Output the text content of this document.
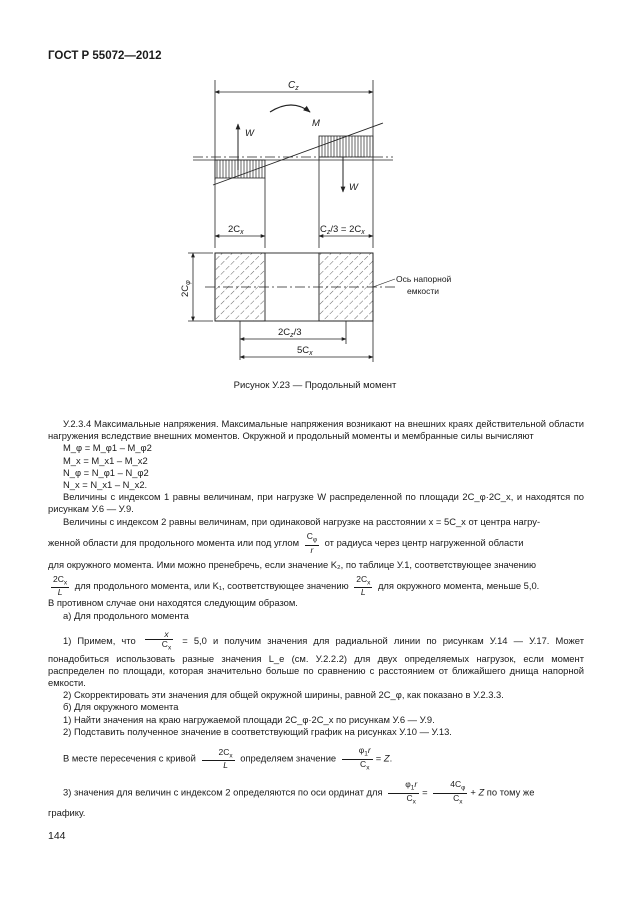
ГОСТ Р 55072—2012
$C_z$
M
W
W
$2C_x$	$C_z/3 = 2C_x$
$2C_\varphi$	Ось напорной
емкости
$2C_z/3$
$5C_x$
Рисунок У.23 — Продольный момент

У.2.3.4 Максимальные напряжения. Максимальные напряжения возникают на внешних краях действительной области нагружения вследствие внешних моментов. Окружной и продольный моменты и мембранные силы вычисляют

M_φ = M_φ1 – M_φ2

M_x = M_x1 – M_x2

N_φ = N_φ1 – N_φ2

N_x = N_x1 – N_x2.

Величины с индексом 1 равны величинам, при нагрузке W распределенной по площади 2C_φ·2C_x, и находятся по рисункам У.6 — У.9.

Величины с индексом 2 равны величинам, при одинаковой нагрузке на расстоянии x = 5C_x от центра нагру-

женной области для продольного момента или под углом $\frac{C_\varphi}{r}$ от радиуса через центр нагруженной области

для окружного момента. Ими можно пренебречь, если значение K₂, по таблице У.1, соответствующее значению

$\frac{2C_x}{L}$ для продольного момента, или K₁, соответствующее значению $\frac{2C_x}{L}$ для окружного момента, меньше 5,0.

В противном случае они находятся следующим образом.

а) Для продольного момента

1) Примем, что $\frac{x}{C_x} = 5,0$ и получим значения для радиальной линии по рисункам У.14 — У.17. Может понадобиться использовать разные значения L_e (см. У.2.2.2) для двух определяемых нагрузок, если момент распределен по площади, которая значительно больше по сравнению с расстоянием от ближайшего днища напорной емкости.

2) Скорректировать эти значения для общей окружной ширины, равной 2C_φ, как показано в У.2.3.3.

б) Для окружного момента

1) Найти значения на краю нагружаемой площади 2C_φ·2C_x по рисункам У.6 — У.9.

2) Подставить полученное значение в соответствующий график на рисунках У.10 — У.13.

В месте пересечения с кривой $\frac{2C_x}{L}$ определяем значение $\frac{\varphi_1r}{C_x} = Z$.

3) значения для величин с индексом 2 определяются по оси ординат для $\frac{\varphi_1r}{C_x} = \frac{4C_\varphi}{C_x} + Z$ по тому же

графику.

144
